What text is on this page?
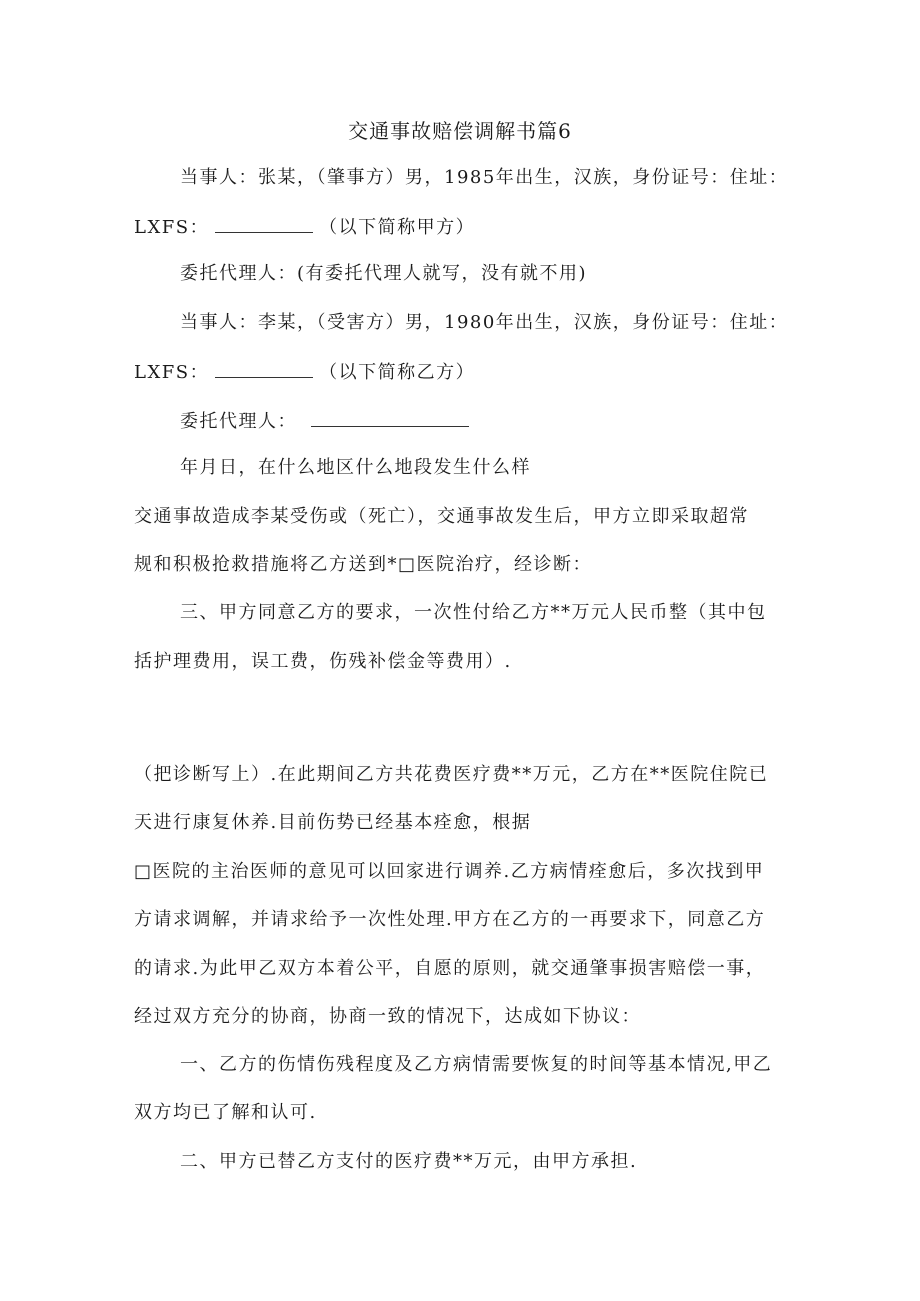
交通事故赔偿调解书篇6
当事人：张某，（肇事方）男，1985年出生，汉族，身份证号：住址：
LXFS：	（以下简称甲方）
委托代理人：(有委托代理人就写，没有就不用)
当事人：李某，（受害方）男，1980年出生，汉族，身份证号：住址：
LXFS：	（以下简称乙方）
委托代理人：
年月日，在什么地区什么地段发生什么样
交通事故造成李某受伤或（死亡），交通事故发生后，甲方立即采取超常
规和积极抢救措施将乙方送到*□医院治疗，经诊断：
三、甲方同意乙方的要求，一次性付给乙方**万元人民币整（其中包
括护理费用，误工费，伤残补偿金等费用）.
（把诊断写上）.在此期间乙方共花费医疗费**万元，乙方在**医院住院已
天进行康复休养.目前伤势已经基本痊愈，根据
□医院的主治医师的意见可以回家进行调养.乙方病情痊愈后，多次找到甲
方请求调解，并请求给予一次性处理.甲方在乙方的一再要求下，同意乙方
的请求.为此甲乙双方本着公平，自愿的原则，就交通肇事损害赔偿一事，
经过双方充分的协商，协商一致的情况下，达成如下协议：
一、乙方的伤情伤残程度及乙方病情需要恢复的时间等基本情况,甲乙
双方均已了解和认可.
二、甲方已替乙方支付的医疗费**万元，由甲方承担.
